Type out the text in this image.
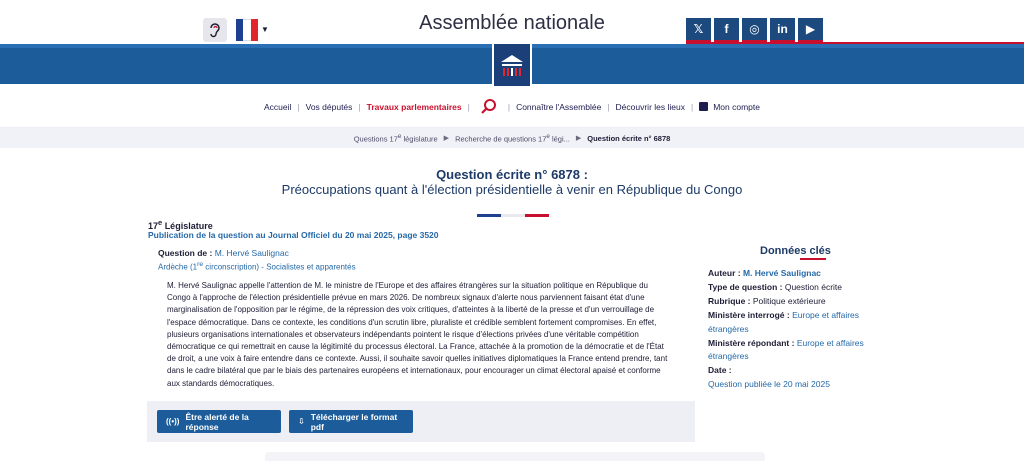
▼	Assemblée nationale	𝕏	f	◎	in	▶
Accueil | Vos députés | Travaux parlementaires |	| Connaître l'Assemblée | Découvrir les lieux | Mon compte
Questions 17e législature ▶ Recherche de questions 17e légi... ▶ Question écrite n° 6878
Question écrite n° 6878 :
Préoccupations quant à l'élection présidentielle à venir en République du Congo
17e Législature
Publication de la question au Journal Officiel du 20 mai 2025, page 3520
Question de : M. Hervé Saulignac
Ardèche (1re circonscription) - Socialistes et apparentés

M. Hervé Saulignac appelle l'attention de M. le ministre de l'Europe et des affaires étrangères sur la situation politique en République du Congo à l'approche de l'élection présidentielle prévue en mars 2026. De nombreux signaux d'alerte nous parviennent faisant état d'une marginalisation de l'opposition par le régime, de la répression des voix critiques, d'atteintes à la liberté de la presse et d'un verrouillage de l'espace démocratique. Dans ce contexte, les conditions d'un scrutin libre, pluraliste et crédible semblent fortement compromises. En effet, plusieurs organisations internationales et observateurs indépendants pointent le risque d'élections privées d'une véritable compétition démocratique ce qui remettrait en cause la légitimité du processus électoral. La France, attachée à la promotion de la démocratie et de l'État de droit, a une voix à faire entendre dans ce contexte. Aussi, il souhaite savoir quelles initiatives diplomatiques la France entend prendre, tant dans le cadre bilatéral que par le biais des partenaires européens et internationaux, pour encourager un climat électoral apaisé et conforme aux standards démocratiques.

((•)) Être alerté de la réponse	⇩ Télécharger le format pdf
Données clés
Auteur : M. Hervé Saulignac
Type de question : Question écrite
Rubrique : Politique extérieure
Ministère interrogé : Europe et affaires étrangères
Ministère répondant : Europe et affaires étrangères
Date :
Question publiée le 20 mai 2025
